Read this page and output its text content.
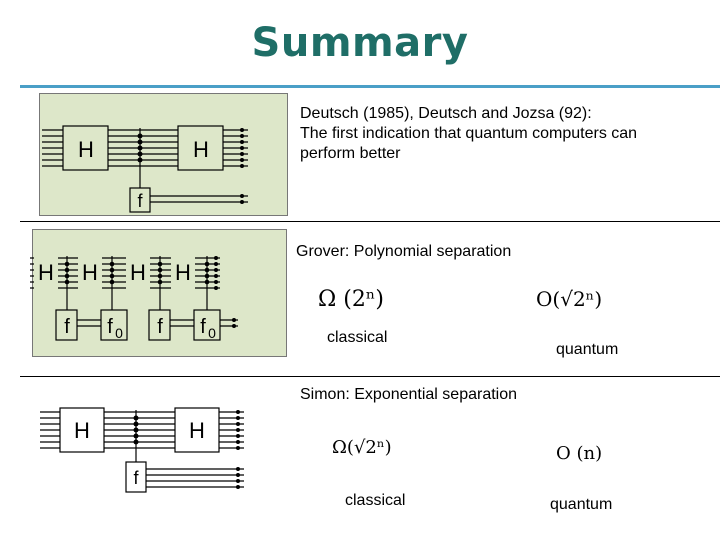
Summary
H	H
f
Deutsch (1985), Deutsch and Jozsa (92):
The first indication that quantum computers can
perform better
H H H H
f f 0 f f 0
Grover: Polynomial separation
Ω (2ⁿ)	O(√2ⁿ)
classical
quantum
H	H
f
Simon: Exponential separation
Ω(√2ⁿ)	O (n)
classical	quantum
